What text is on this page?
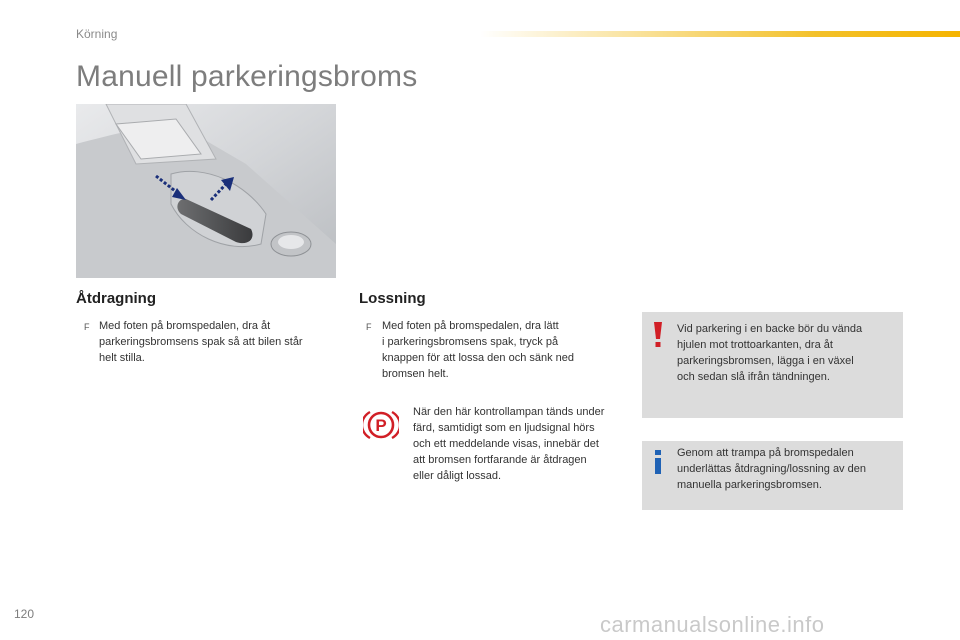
Körning
Manuell parkeringsbroms
Åtdragning
F Med foten på bromspedalen, dra åt
parkeringsbromsens spak så att bilen står
helt stilla.
Lossning
F Med foten på bromspedalen, dra lätt
i parkeringsbromsens spak, tryck på
knappen för att lossa den och sänk ned
bromsen helt.
P
När den här kontrollampan tänds under
färd, samtidigt som en ljudsignal hörs
och ett meddelande visas, innebär det
att bromsen fortfarande är åtdragen
eller dåligt lossad.
Vid parkering i en backe bör du vända
hjulen mot trottoarkanten, dra åt
parkeringsbromsen, lägga i en växel
och sedan slå ifrån tändningen.
Genom att trampa på bromspedalen
underlättas åtdragning/lossning av den
manuella parkeringsbromsen.
120	carmanualsonline.info
